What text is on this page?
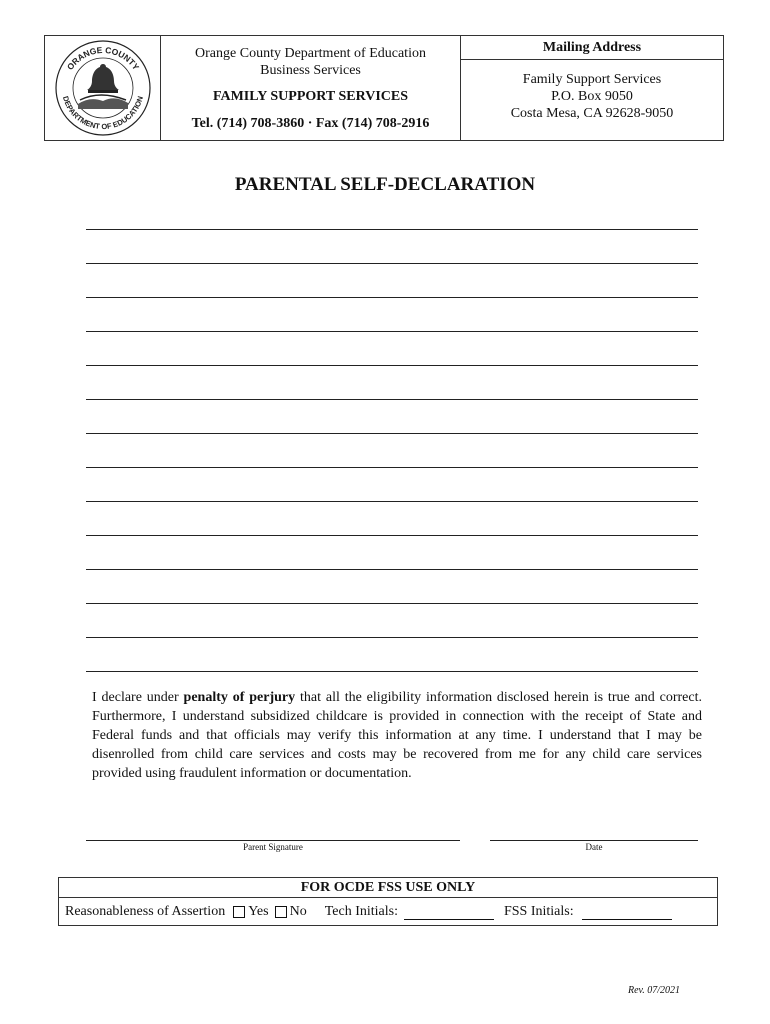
ORANGE COUNTY
DEPARTMENT OF EDUCATION
Orange County Department of Education
Business Services
FAMILY SUPPORT SERVICES
Tel. (714) 708-3860 · Fax (714) 708-2916
Mailing Address
Family Support Services
P.O. Box 9050
Costa Mesa, CA 92628-9050
PARENTAL SELF-DECLARATION
I declare under penalty of perjury that all the eligibility information disclosed herein is true and correct. Furthermore, I understand subsidized childcare is provided in connection with the receipt of State and Federal funds and that officials may verify this information at any time. I understand that I may be disenrolled from child care services and costs may be recovered from me for any child care services provided using fraudulent information or documentation.
Parent Signature	Date
FOR OCDE FSS USE ONLY
Reasonableness of Assertion Yes No Tech Initials:
	FSS Initials:

Rev. 07/2021
